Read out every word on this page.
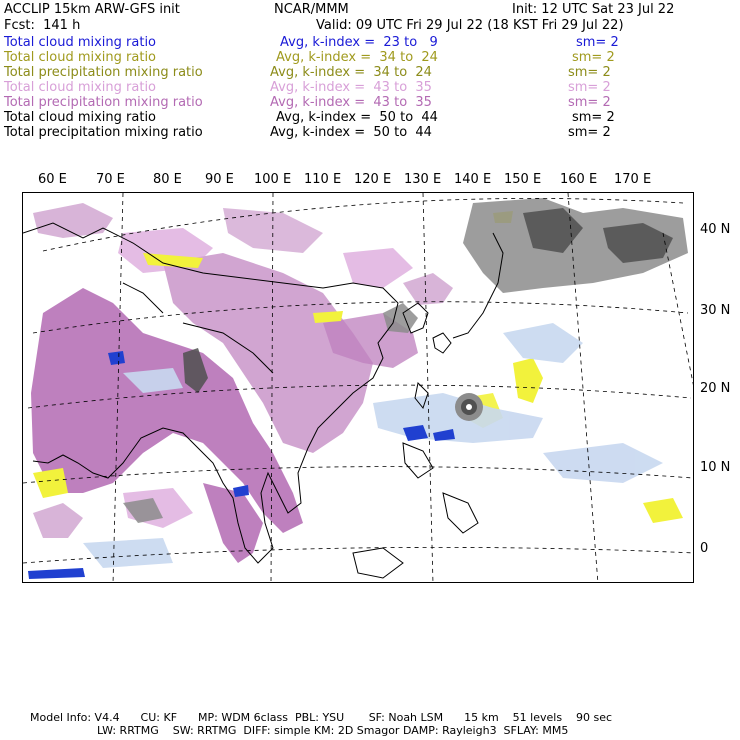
ACCLIP 15km ARW-GFS init	NCAR/MMM	Init: 12 UTC Sat 23 Jul 22
Fcst:  141 h	Valid: 09 UTC Fri 29 Jul 22 (18 KST Fri 29 Jul 22)
Total cloud mixing ratio	Avg, k-index =  23 to   9	sm= 2
Total cloud mixing ratio	Avg, k-index =  34 to  24	sm= 2
Total precipitation mixing ratio	Avg, k-index =  34 to  24	sm= 2
Total cloud mixing ratio	Avg, k-index =  43 to  35	sm= 2
Total precipitation mixing ratio	Avg, k-index =  43 to  35	sm= 2
Total cloud mixing ratio	Avg, k-index =  50 to  44	sm= 2
Total precipitation mixing ratio	Avg, k-index =  50 to  44	sm= 2
60 E 70 E 80 E 90 E 100 E 110 E 120 E 130 E 140 E 150 E 160 E 170 E
40 N
30 N
20 N
10 N
0
Model Info: V4.4      CU: KF      MP: WDM 6class  PBL: YSU       SF: Noah LSM      15 km    51 levels    90 sec
LW: RRTMG    SW: RRTMG  DIFF: simple KM: 2D Smagor DAMP: Rayleigh3  SFLAY: MM5
